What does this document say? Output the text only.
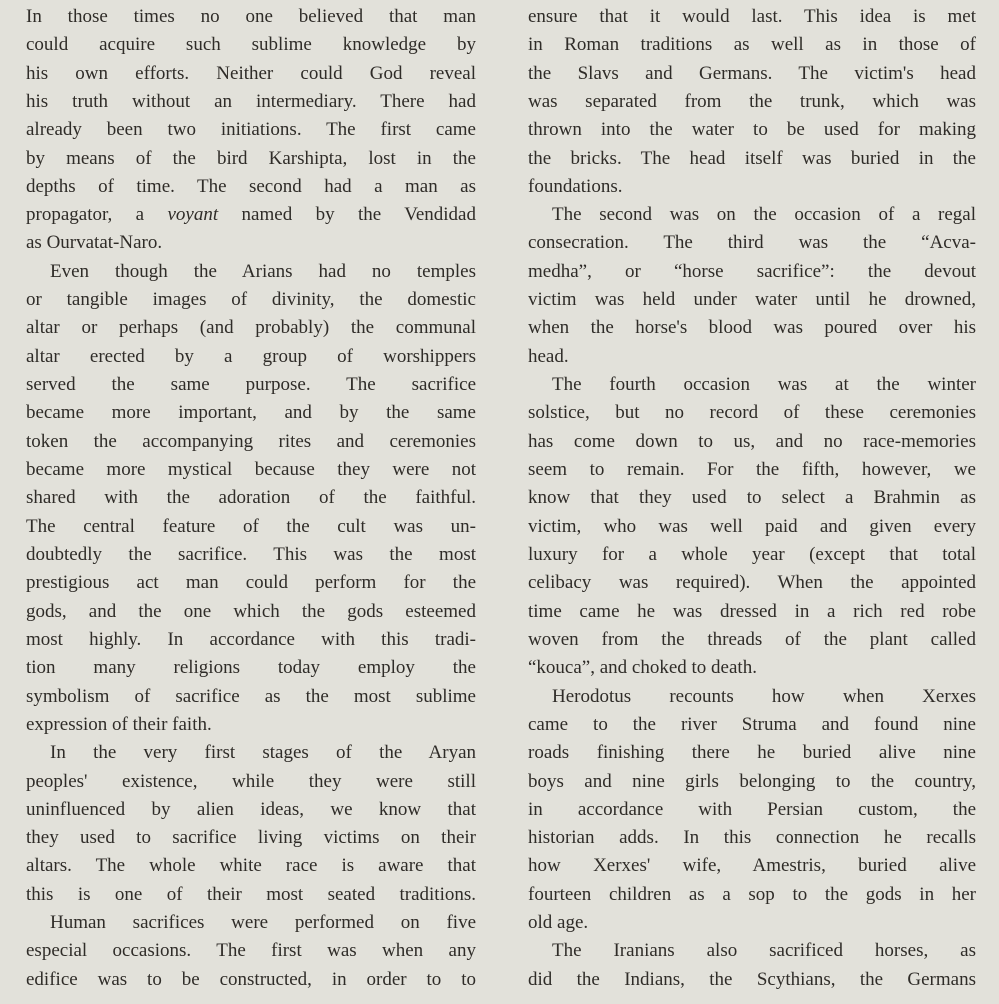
In those times no one believed that man
could acquire such sublime knowledge by
his own efforts. Neither could God reveal
his truth without an intermediary. There had
already been two initiations. The first came
by means of the bird Karshipta, lost in the
depths of time. The second had a man as
propagator, a voyant named by the Vendidad
as Ourvatat-Naro.
Even though the Arians had no temples
or tangible images of divinity, the domestic
altar or perhaps (and probably) the communal
altar erected by a group of worshippers
served the same purpose. The sacrifice
became more important, and by the same
token the accompanying rites and ceremonies
became more mystical because they were not
shared with the adoration of the faithful.
The central feature of the cult was un-
doubtedly the sacrifice. This was the most
prestigious act man could perform for the
gods, and the one which the gods esteemed
most highly. In accordance with this tradi-
tion many religions today employ the
symbolism of sacrifice as the most sublime
expression of their faith.
In the very first stages of the Aryan
peoples' existence, while they were still
uninfluenced by alien ideas, we know that
they used to sacrifice living victims on their
altars. The whole white race is aware that
this is one of their most seated traditions.
Human sacrifices were performed on five
especial occasions. The first was when any
edifice was to be constructed, in order to to
ensure that it would last. This idea is met
in Roman traditions as well as in those of
the Slavs and Germans. The victim's head
was separated from the trunk, which was
thrown into the water to be used for making
the bricks. The head itself was buried in the
foundations.
The second was on the occasion of a regal
consecration. The third was the “Acva-
medha”, or “horse sacrifice”: the devout
victim was held under water until he drowned,
when the horse's blood was poured over his
head.
The fourth occasion was at the winter
solstice, but no record of these ceremonies
has come down to us, and no race-memories
seem to remain. For the fifth, however, we
know that they used to select a Brahmin as
victim, who was well paid and given every
luxury for a whole year (except that total
celibacy was required). When the appointed
time came he was dressed in a rich red robe
woven from the threads of the plant called
“kouca”, and choked to death.
Herodotus recounts how when Xerxes
came to the river Struma and found nine
roads finishing there he buried alive nine
boys and nine girls belonging to the country,
in accordance with Persian custom, the
historian adds. In this connection he recalls
how Xerxes' wife, Amestris, buried alive
fourteen children as a sop to the gods in her
old age.
The Iranians also sacrificed horses, as
did the Indians, the Scythians, the Germans
